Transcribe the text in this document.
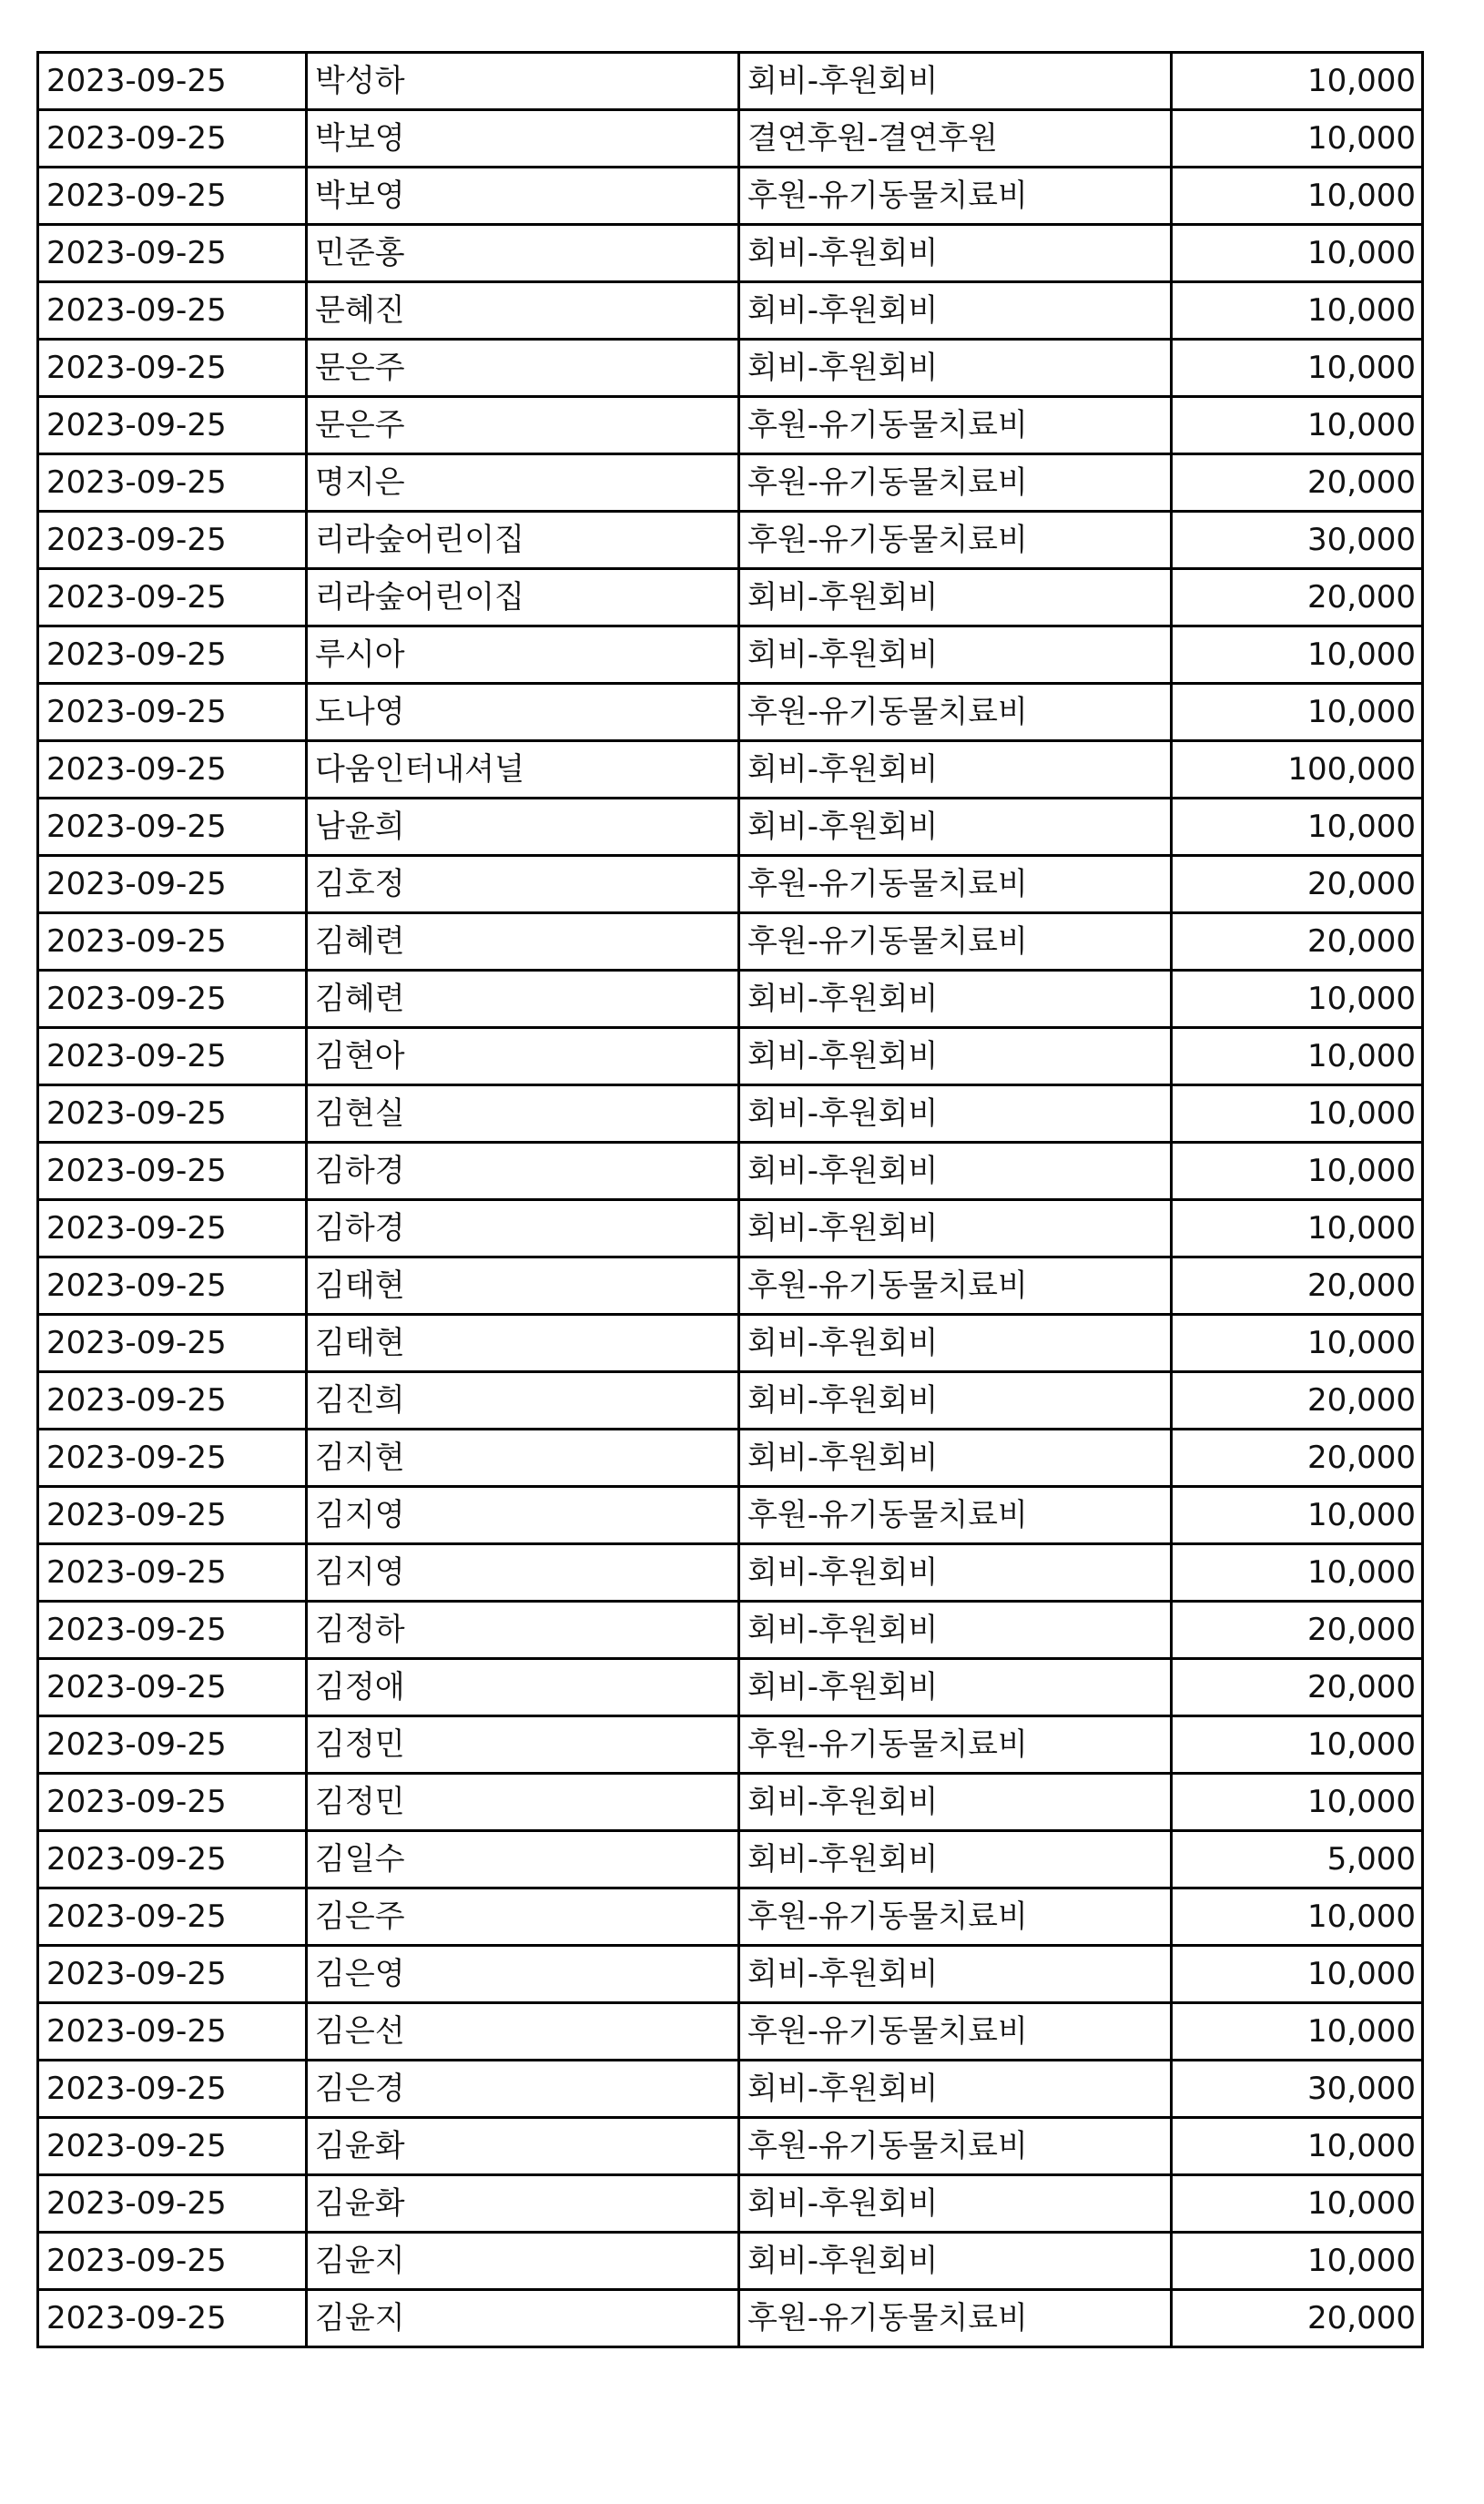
2023-09-25	박성하	회비-후원회비	10,000
2023-09-25	박보영	결연후원-결연후원	10,000
2023-09-25	박보영	후원-유기동물치료비	10,000
2023-09-25	민준홍	회비-후원회비	10,000
2023-09-25	문혜진	회비-후원회비	10,000
2023-09-25	문은주	회비-후원회비	10,000
2023-09-25	문은주	후원-유기동물치료비	10,000
2023-09-25	명지은	후원-유기동물치료비	20,000
2023-09-25	리라숲어린이집	후원-유기동물치료비	30,000
2023-09-25	리라숲어린이집	회비-후원회비	20,000
2023-09-25	루시아	회비-후원회비	10,000
2023-09-25	도나영	후원-유기동물치료비	10,000
2023-09-25	다움인터내셔널	회비-후원회비	100,000
2023-09-25	남윤희	회비-후원회비	10,000
2023-09-25	김호정	후원-유기동물치료비	20,000
2023-09-25	김혜련	후원-유기동물치료비	20,000
2023-09-25	김혜련	회비-후원회비	10,000
2023-09-25	김현아	회비-후원회비	10,000
2023-09-25	김현실	회비-후원회비	10,000
2023-09-25	김하경	회비-후원회비	10,000
2023-09-25	김하경	회비-후원회비	10,000
2023-09-25	김태현	후원-유기동물치료비	20,000
2023-09-25	김태현	회비-후원회비	10,000
2023-09-25	김진희	회비-후원회비	20,000
2023-09-25	김지현	회비-후원회비	20,000
2023-09-25	김지영	후원-유기동물치료비	10,000
2023-09-25	김지영	회비-후원회비	10,000
2023-09-25	김정하	회비-후원회비	20,000
2023-09-25	김정애	회비-후원회비	20,000
2023-09-25	김정민	후원-유기동물치료비	10,000
2023-09-25	김정민	회비-후원회비	10,000
2023-09-25	김일수	회비-후원회비	5,000
2023-09-25	김은주	후원-유기동물치료비	10,000
2023-09-25	김은영	회비-후원회비	10,000
2023-09-25	김은선	후원-유기동물치료비	10,000
2023-09-25	김은경	회비-후원회비	30,000
2023-09-25	김윤화	후원-유기동물치료비	10,000
2023-09-25	김윤화	회비-후원회비	10,000
2023-09-25	김윤지	회비-후원회비	10,000
2023-09-25	김윤지	후원-유기동물치료비	20,000
